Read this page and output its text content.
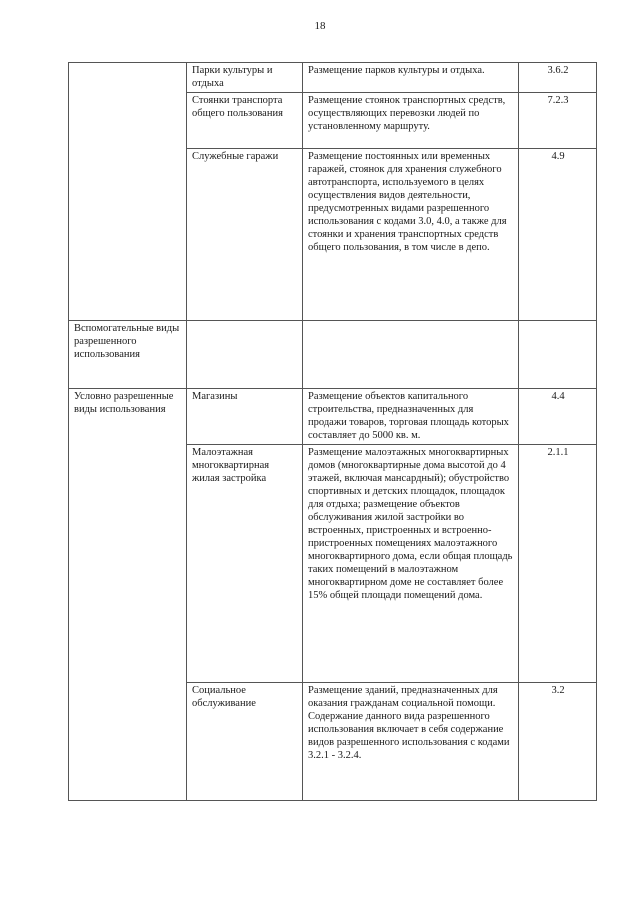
18
	Парки культуры и отдыха	Размещение парков культуры и отдыха.	3.6.2
	Стоянки транспорта общего пользования	Размещение стоянок транспортных средств, осуществляющих перевозки людей по установленному маршруту.	7.2.3
	Служебные гаражи	Размещение постоянных или временных гаражей, стоянок для хранения служебного автотранспорта, используемого в целях осуществления видов деятельности, предусмотренных видами разрешенного использования с кодами 3.0, 4.0, а также для стоянки и хранения транспортных средств общего пользования, в том числе в депо.	4.9
Вспомогательные виды разрешенного использования			
Условно разрешенные виды использования	Магазины	Размещение объектов капитального строительства, предназначенных для продажи товаров, торговая площадь которых составляет до 5000 кв. м.	4.4
	Малоэтажная многоквартирная жилая застройка	Размещение малоэтажных многоквартирных домов (многоквартирные дома высотой до 4 этажей, включая мансардный); обустройство спортивных и детских площадок, площадок для отдыха; размещение объектов обслуживания жилой застройки во встроенных, пристроенных и встроенно-пристроенных помещениях малоэтажного многоквартирного дома, если общая площадь таких помещений в малоэтажном многоквартирном доме не составляет более 15% общей площади помещений дома.	2.1.1
	Социальное обслуживание	Размещение зданий, предназначенных для оказания гражданам социальной помощи. Содержание данного вида разрешенного использования включает в себя содержание видов разрешенного использования с кодами 3.2.1 - 3.2.4.	3.2
